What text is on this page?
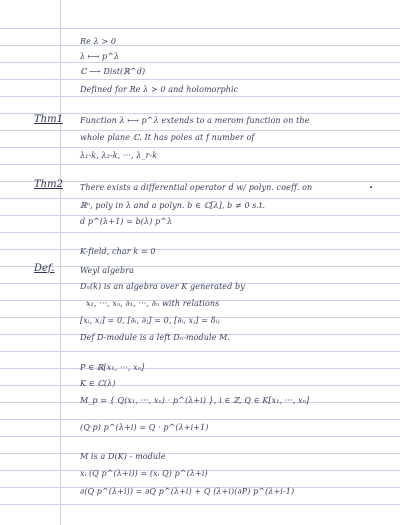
Re λ > 0
λ ⟼ p^λ
ℂ ⟶ Dist(ℝ^d)
Defined for Re λ > 0 and holomorphic
Thm1 Function λ ⟼ p^λ extends to a merom function on the
whole plane ℂ. It has poles at f number of
λ₁-k, λ₂-k, ···, λ_r-k
Thm2 There exists a differential operator d w/ polyn. coeff. on
ℝⁿ, poly in λ and a polyn. b ∈ ℂ[λ], b ≠ 0 s.t.
d p^(λ+1) = b(λ) p^λ
K-field, char k = 0
Def.	Weyl algebra
Dₙ(k) is an algebra over K generated by
x₁, ···, xₙ, ∂₁, ···, ∂ₙ with relations
[xᵢ, xⱼ] = 0, [∂ᵢ, ∂ⱼ] = 0, [∂ᵢ, xⱼ] = δᵢⱼ
Def D-module is a left Dₙ-module M.
P ∈ ℝ[x₁, ···, xₙ]
K ∈ ℂ(λ)
M_p = { Q(x₁, ···, xₙ) · p^(λ+i) }, i ∈ ℤ, Q ∈ K[x₁, ···, xₙ]
(Q·p) p^(λ+i) = Q · p^(λ+i+1)
M is a D(K) - module
xᵢ (Q p^(λ+i)) = (xᵢ Q) p^(λ+i)
∂(Q p^(λ+i)) = ∂Q p^(λ+i) + Q (λ+i)(∂P) p^(λ+i-1)
